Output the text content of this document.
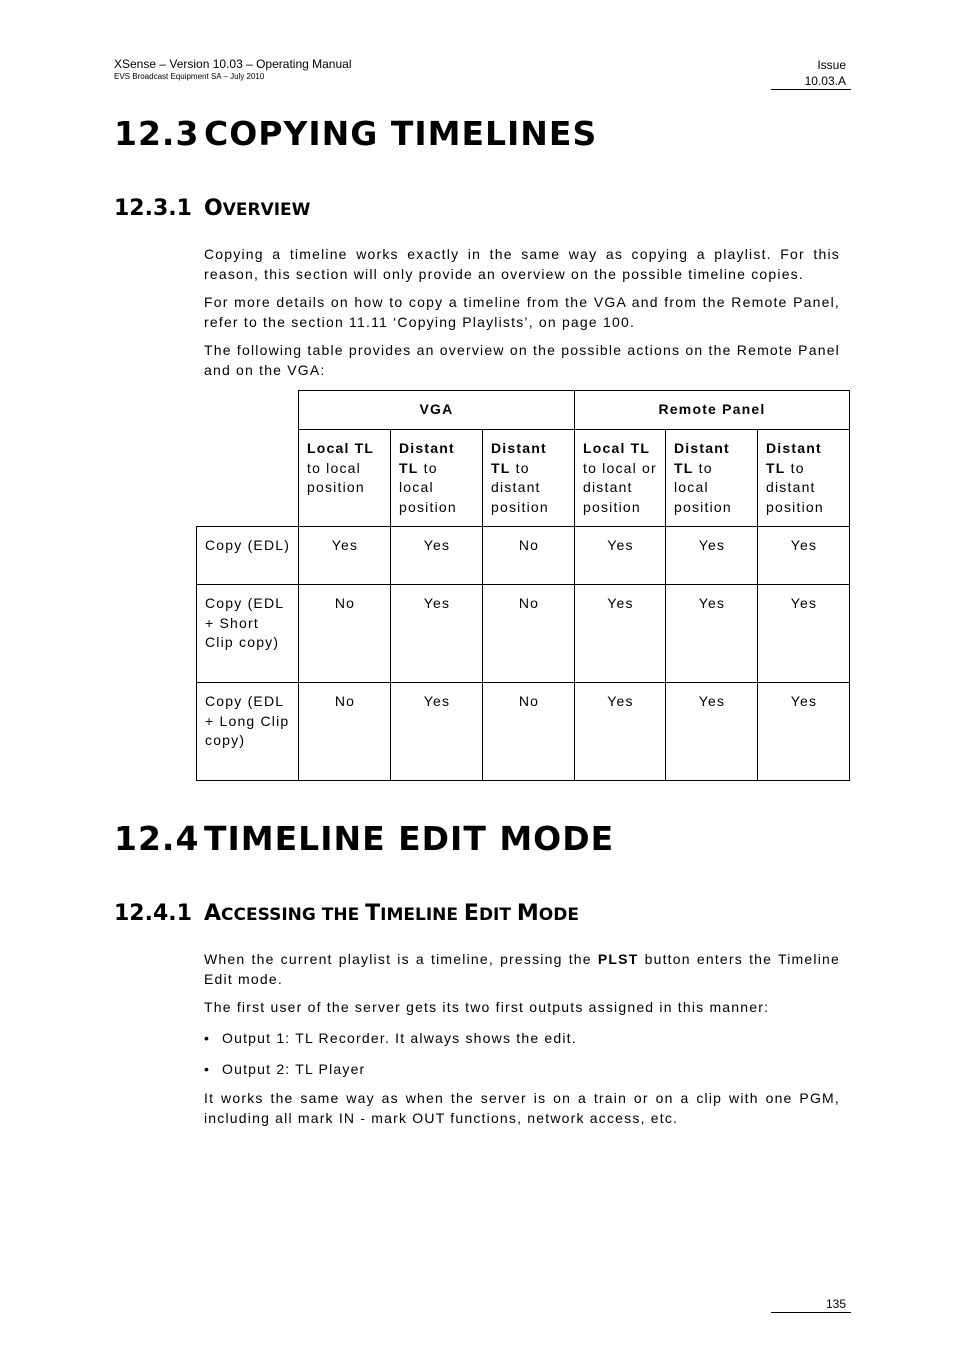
XSense – Version 10.03 – Operating Manual
EVS Broadcast Equipment SA – July 2010
Issue
10.03.A
12.3 COPYING TIMELINES
12.3.1 OVERVIEW

Copying a timeline works exactly in the same way as copying a playlist. For this reason, this section will only provide an overview on the possible timeline copies.

For more details on how to copy a timeline from the VGA and from the Remote Panel, refer to the section 11.11 ‘Copying Playlists’, on page 100.

The following table provides an overview on the possible actions on the Remote Panel and on the VGA:

	VGA			Remote Panel		
	Local TL to local position	Distant TL to local position	Distant TL to distant position	Local TL to local or distant position	Distant TL to local position	Distant TL to distant position
Copy (EDL)	Yes	Yes	No	Yes	Yes	Yes
Copy (EDL + Short Clip copy)	No	Yes	No	Yes	Yes	Yes
Copy (EDL + Long Clip copy)	No	Yes	No	Yes	Yes	Yes
12.4 TIMELINE EDIT MODE
12.4.1 ACCESSING THE TIMELINE EDIT MODE

When the current playlist is a timeline, pressing the PLST button enters the Timeline Edit mode.

The first user of the server gets its two first outputs assigned in this manner:

• Output 1: TL Recorder. It always shows the edit.
• Output 2: TL Player

It works the same way as when the server is on a train or on a clip with one PGM, including all mark IN - mark OUT functions, network access, etc.

135
